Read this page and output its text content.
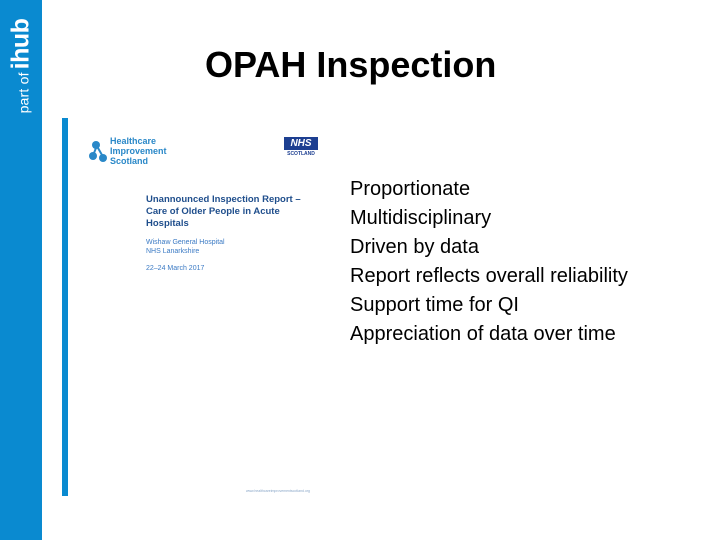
part ofihub	OPAH Inspection
Healthcare
Improvement
Scotland
NHS
SCOTLAND
Unannounced Inspection Report –
Care of Older People in Acute
Hospitals
Wishaw General Hospital
NHS Lanarkshire
22–24 March 2017
www.healthcareimprovementscotland.org
Proportionate
Multidisciplinary
Driven by data
Report reflects overall reliability
Support time for QI
Appreciation of data over time
